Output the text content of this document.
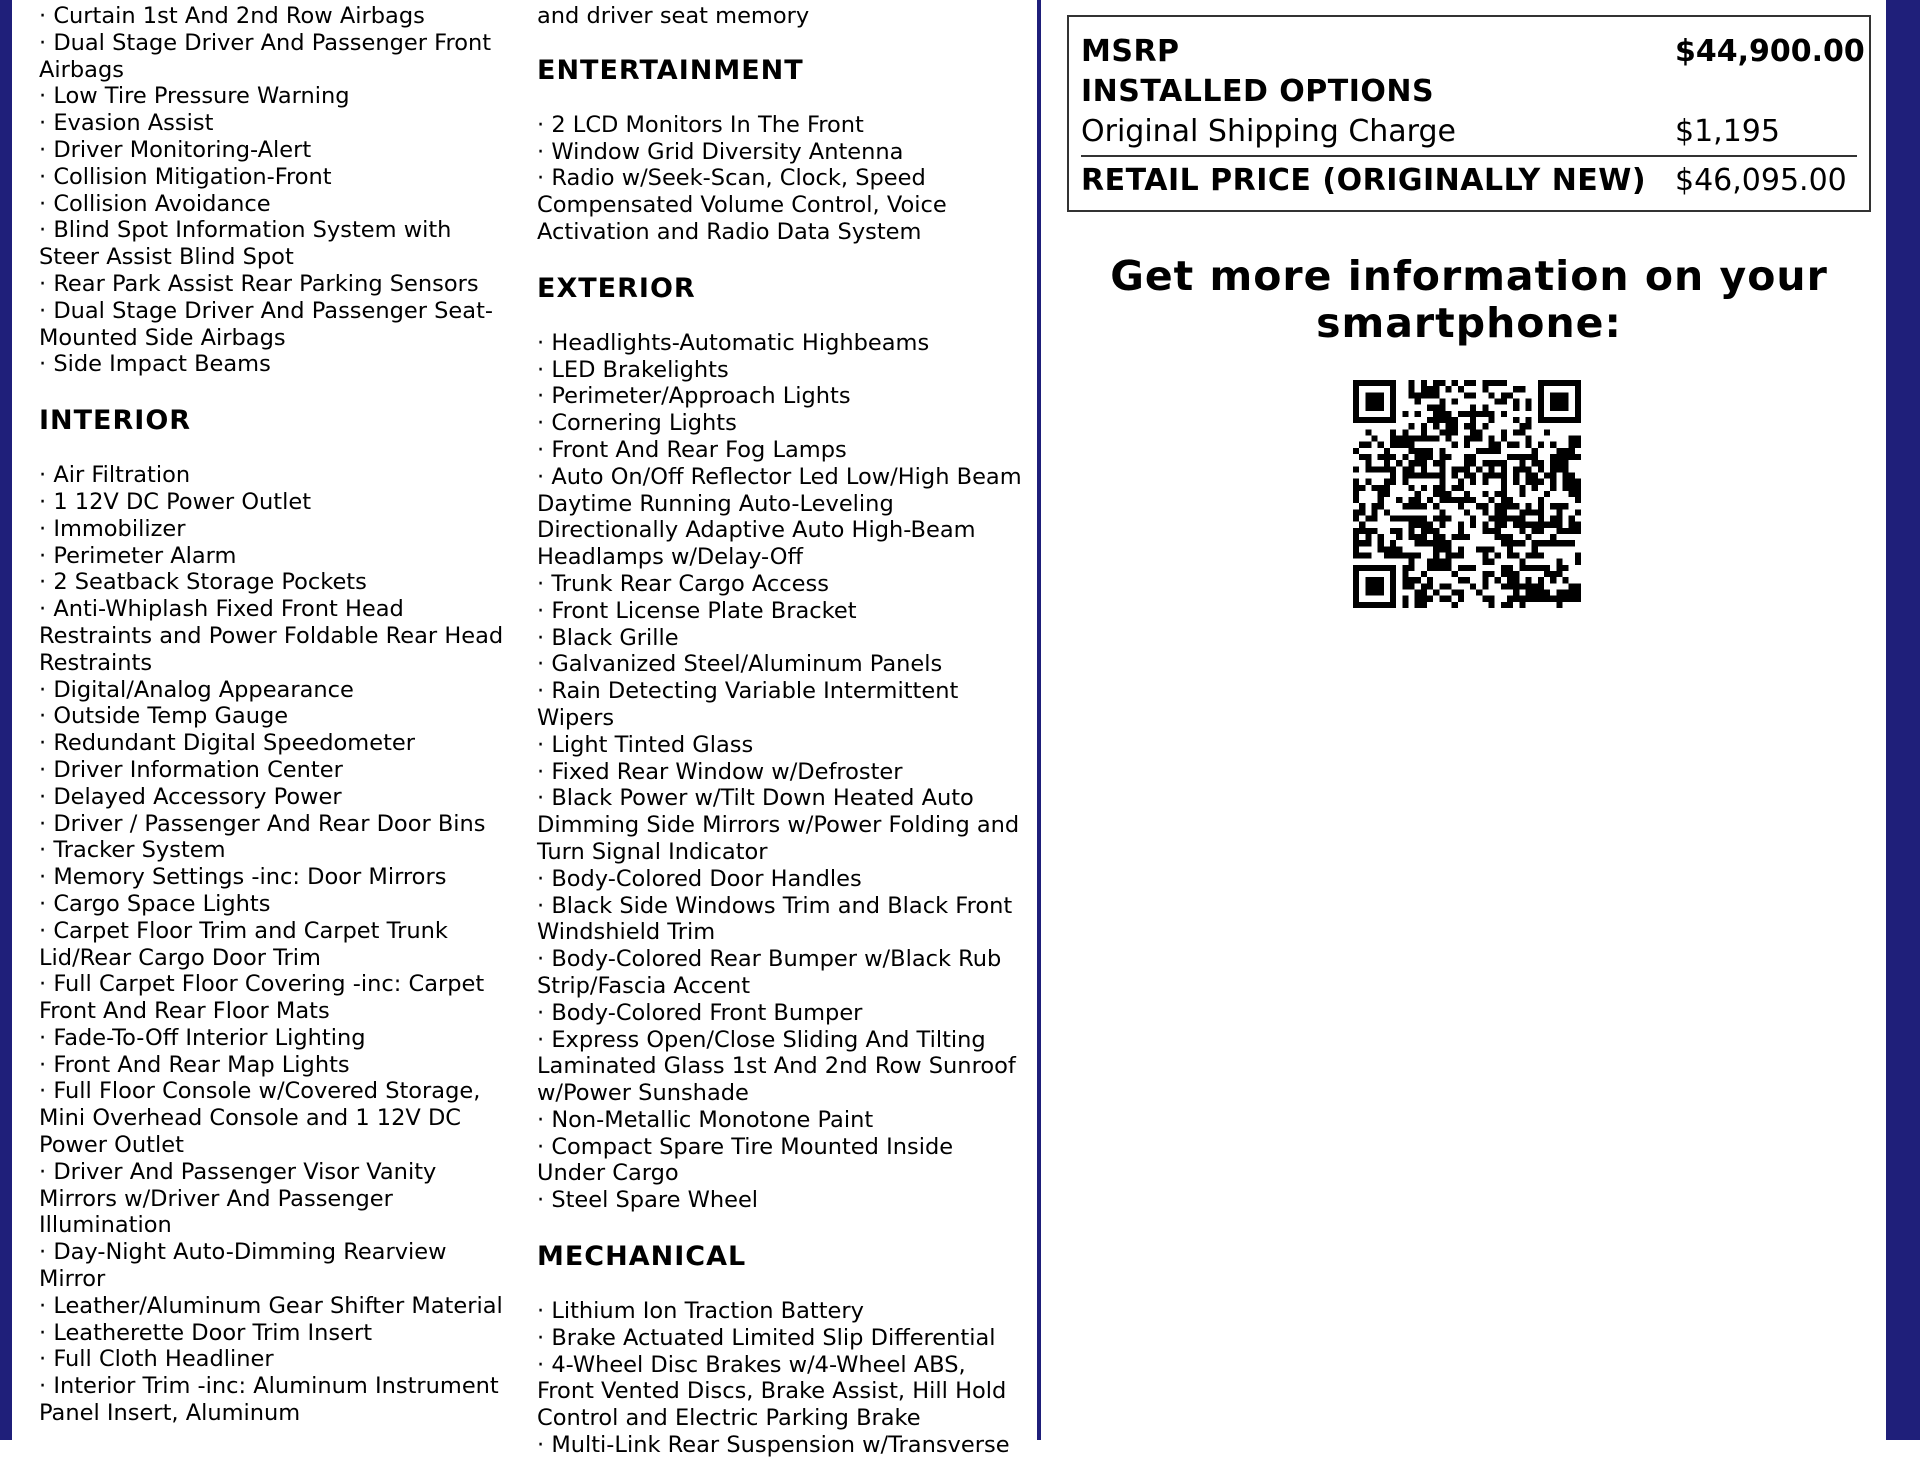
· Curtain 1st And 2nd Row Airbags
· Dual Stage Driver And Passenger Front Airbags
· Low Tire Pressure Warning
· Evasion Assist
· Driver Monitoring-Alert
· Collision Mitigation-Front
· Collision Avoidance
· Blind Spot Information System with Steer Assist Blind Spot
· Rear Park Assist Rear Parking Sensors
· Dual Stage Driver And Passenger Seat-Mounted Side Airbags
· Side Impact Beams
INTERIOR
· Air Filtration
· 1 12V DC Power Outlet
· Immobilizer
· Perimeter Alarm
· 2 Seatback Storage Pockets
· Anti-Whiplash Fixed Front Head Restraints and Power Foldable Rear Head Restraints
· Digital/Analog Appearance
· Outside Temp Gauge
· Redundant Digital Speedometer
· Driver Information Center
· Delayed Accessory Power
· Driver / Passenger And Rear Door Bins
· Tracker System
· Memory Settings -inc: Door Mirrors
· Cargo Space Lights
· Carpet Floor Trim and Carpet Trunk Lid/Rear Cargo Door Trim
· Full Carpet Floor Covering -inc: Carpet Front And Rear Floor Mats
· Fade-To-Off Interior Lighting
· Front And Rear Map Lights
· Full Floor Console w/Covered Storage, Mini Overhead Console and 1 12V DC Power Outlet
· Driver And Passenger Visor Vanity Mirrors w/Driver And Passenger Illumination
· Day-Night Auto-Dimming Rearview Mirror
· Leather/Aluminum Gear Shifter Material
· Leatherette Door Trim Insert
· Full Cloth Headliner
· Interior Trim -inc: Aluminum Instrument Panel Insert, Aluminum
and driver seat memory
ENTERTAINMENT
· 2 LCD Monitors In The Front
· Window Grid Diversity Antenna
· Radio w/Seek-Scan, Clock, Speed Compensated Volume Control, Voice Activation and Radio Data System
EXTERIOR
· Headlights-Automatic Highbeams
· LED Brakelights
· Perimeter/Approach Lights
· Cornering Lights
· Front And Rear Fog Lamps
· Auto On/Off Reflector Led Low/High Beam Daytime Running Auto-Leveling Directionally Adaptive Auto High-Beam Headlamps w/Delay-Off
· Trunk Rear Cargo Access
· Front License Plate Bracket
· Black Grille
· Galvanized Steel/Aluminum Panels
· Rain Detecting Variable Intermittent Wipers
· Light Tinted Glass
· Fixed Rear Window w/Defroster
· Black Power w/Tilt Down Heated Auto Dimming Side Mirrors w/Power Folding and Turn Signal Indicator
· Body-Colored Door Handles
· Black Side Windows Trim and Black Front Windshield Trim
· Body-Colored Rear Bumper w/Black Rub Strip/Fascia Accent
· Body-Colored Front Bumper
· Express Open/Close Sliding And Tilting Laminated Glass 1st And 2nd Row Sunroof w/Power Sunshade
· Non-Metallic Monotone Paint
· Compact Spare Tire Mounted Inside Under Cargo
· Steel Spare Wheel
MECHANICAL
· Lithium Ion Traction Battery
· Brake Actuated Limited Slip Differential
· 4-Wheel Disc Brakes w/4-Wheel ABS, Front Vented Discs, Brake Assist, Hill Hold Control and Electric Parking Brake
· Multi-Link Rear Suspension w/Transverse
MSRP	$44,900.00
INSTALLED OPTIONS
Original Shipping Charge	$1,195
RETAIL PRICE (ORIGINALLY NEW) $46,095.00
Get more information on your
smartphone:
